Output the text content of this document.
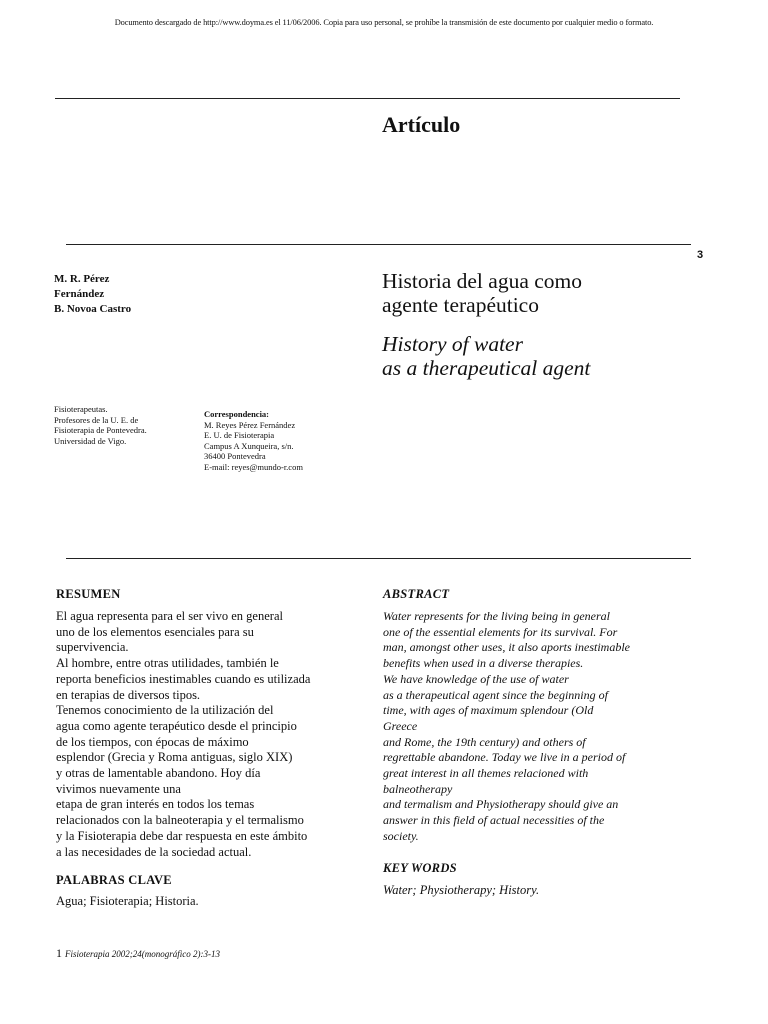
Documento descargado de http://www.doyma.es el 11/06/2006. Copia para uso personal, se prohíbe la transmisión de este documento por cualquier medio o formato.
Artículo
3
M. R. Pérez
Fernández
B. Novoa Castro
Historia del agua como
agente terapéutico
History of water
as a therapeutical agent
Fisioterapeutas.
Profesores de la U. E. de
Fisioterapia de Pontevedra.
Universidad de Vigo.
Correspondencia:
M. Reyes Pérez Fernández
E. U. de Fisioterapia
Campus A Xunqueira, s/n.
36400 Pontevedra
E-mail: reyes@mundo-r.com
RESUMEN
El agua representa para el ser vivo en general
uno de los elementos esenciales para su
supervivencia.
Al hombre, entre otras utilidades, también le
reporta beneficios inestimables cuando es utilizada
en terapias de diversos tipos.
Tenemos conocimiento de la utilización del
agua como agente terapéutico desde el principio
de los tiempos, con épocas de máximo
esplendor (Grecia y Roma antiguas, siglo XIX)
y otras de lamentable abandono. Hoy día
vivimos nuevamente una
etapa de gran interés en todos los temas
relacionados con la balneoterapia y el termalismo
y la Fisioterapia debe dar respuesta en este ámbito
a las necesidades de la sociedad actual.
PALABRAS CLAVE
Agua; Fisioterapia; Historia.
ABSTRACT
Water represents for the living being in general
one of the essential elements for its survival. For
man, amongst other uses, it also aports inestimable
benefits when used in a diverse therapies.
We have knowledge of the use of water
as a therapeutical agent since the beginning of
time, with ages of maximum splendour (Old
Greece
and Rome, the 19th century) and others of
regrettable abandone. Today we live in a period of
great interest in all themes relacioned with
balneotherapy
and termalism and Physiotherapy should give an
answer in this field of actual necessities of the
society.
KEY WORDS
Water; Physiotherapy; History.
1 Fisioterapia 2002;24(monográfico 2):3-13
